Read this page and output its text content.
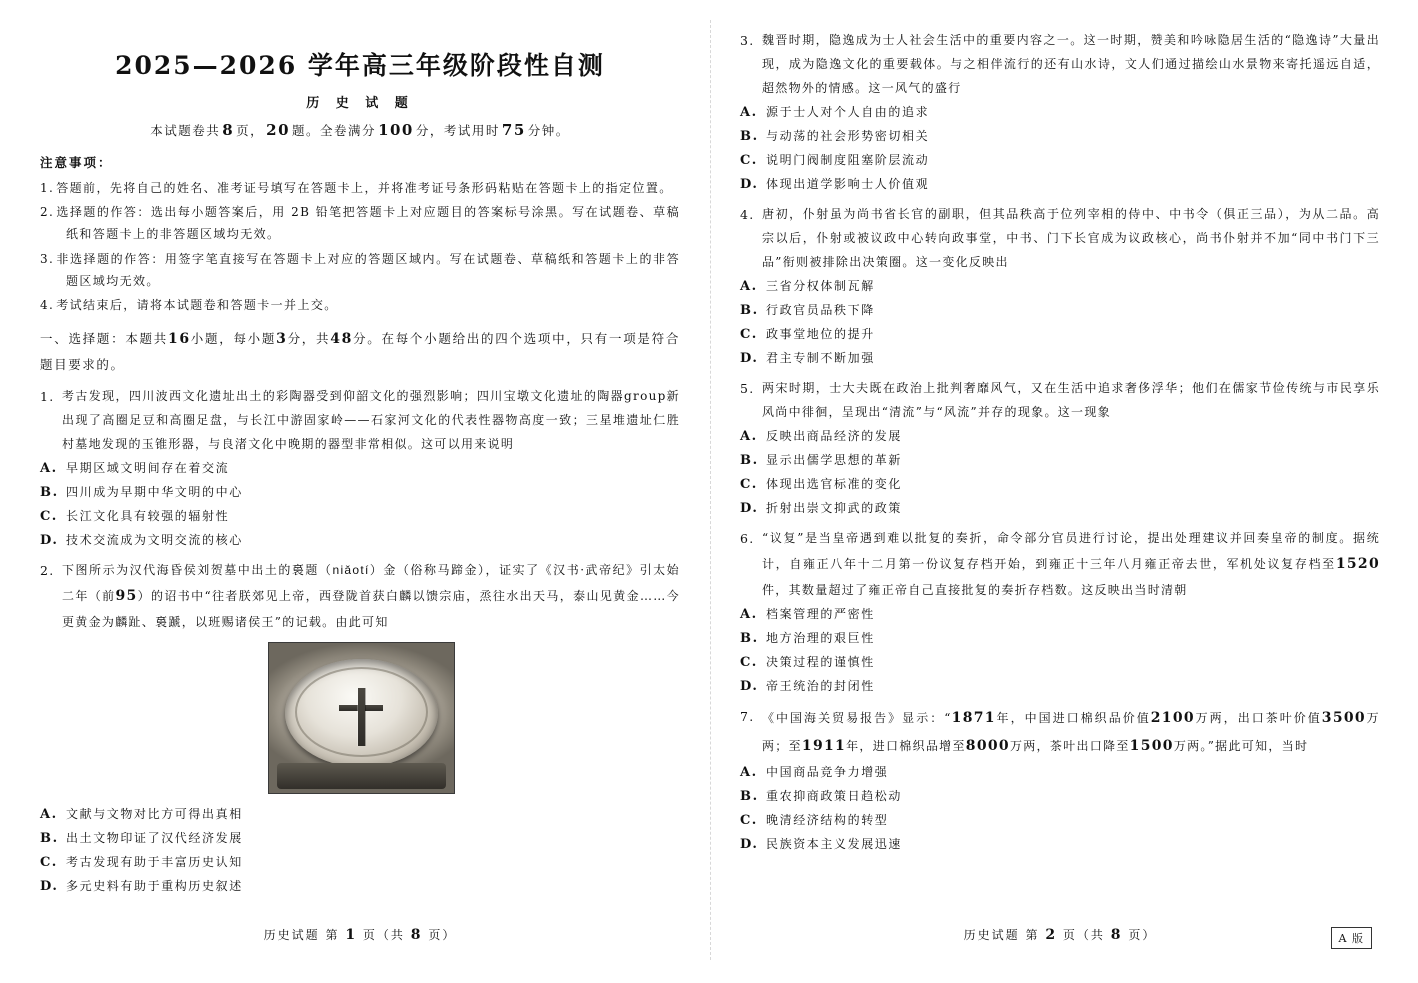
2025—2026 学年高三年级阶段性自测
历 史 试 题
本试题卷共 8 页， 20 题。全卷满分 100 分，考试用时 75 分钟。
注意事项：
1. 答题前，先将自己的姓名、准考证号填写在答题卡上，并将准考证号条形码粘贴在答题卡上的指定位置。
2. 选择题的作答：选出每小题答案后，用 2B 铅笔把答题卡上对应题目的答案标号涂黑。写在试题卷、草稿纸和答题卡上的非答题区域均无效。
3. 非选择题的作答：用签字笔直接写在答题卡上对应的答题区域内。写在试题卷、草稿纸和答题卡上的非答题区域均无效。
4. 考试结束后，请将本试题卷和答题卡一并上交。
一、选择题：本题共16小题，每小题3分，共48分。在每个小题给出的四个选项中，只有一项是符合题目要求的。
1. 考古发现，四川波西文化遗址出土的彩陶器受到仰韶文化的强烈影响；四川宝墩文化遗址的陶器group新出现了高圈足豆和高圈足盘，与长江中游固家岭——石家河文化的代表性器物高度一致；三星堆遗址仁胜村墓地发现的玉锥形器，与良渚文化中晚期的器型非常相似。这可以用来说明
A. 早期区域文明间存在着交流
B. 四川成为早期中华文明的中心
C. 长江文化具有较强的辐射性
D. 技术交流成为文明交流的核心
2. 下图所示为汉代海昏侯刘贺墓中出土的裛题（niǎotí）金（俗称马蹄金），证实了《汉书·武帝纪》引太始二年（前95）的诏书中“往者朕郊见上帝，西登陇首获白麟以馈宗庙，烝往水出天马，泰山见黄金……今更黄金为麟趾、裛蹏，以班赐诸侯王”的记载。由此可知
A. 文献与文物对比方可得出真相
B. 出土文物印证了汉代经济发展
C. 考古发现有助于丰富历史认知
D. 多元史料有助于重构历史叙述
历史试题 第 1 页（共 8 页）
3. 魏晋时期，隐逸成为士人社会生活中的重要内容之一。这一时期，赞美和吟咏隐居生活的“隐逸诗”大量出现，成为隐逸文化的重要载体。与之相伴流行的还有山水诗，文人们通过描绘山水景物来寄托遥远自适，超然物外的情感。这一风气的盛行
A. 源于士人对个人自由的追求
B. 与动荡的社会形势密切相关
C. 说明门阀制度阻塞阶层流动
D. 体现出道学影响士人价值观
4. 唐初，仆射虽为尚书省长官的副职，但其品秩高于位列宰相的侍中、中书令（俱正三品），为从二品。高宗以后，仆射或被议政中心转向政事堂，中书、门下长官成为议政核心，尚书仆射并不加“同中书门下三品”衔则被排除出决策圈。这一变化反映出
A. 三省分权体制瓦解
B. 行政官员品秩下降
C. 政事堂地位的提升
D. 君主专制不断加强
5. 两宋时期，士大夫既在政治上批判奢靡风气，又在生活中追求奢侈浮华；他们在儒家节俭传统与市民享乐风尚中徘徊，呈现出“清流”与“风流”并存的现象。这一现象
A. 反映出商品经济的发展
B. 显示出儒学思想的革新
C. 体现出选官标准的变化
D. 折射出崇文抑武的政策
6. “议复”是当皇帝遇到难以批复的奏折，命令部分官员进行讨论，提出处理建议并回奏皇帝的制度。据统计，自雍正八年十二月第一份议复存档开始，到雍正十三年八月雍正帝去世，军机处议复存档至1520件，其数量超过了雍正帝自己直接批复的奏折存档数。这反映出当时清朝
A. 档案管理的严密性
B. 地方治理的艰巨性
C. 决策过程的谨慎性
D. 帝王统治的封闭性
7. 《中国海关贸易报告》显示：“1871年，中国进口棉织品价值2100万两，出口茶叶价值3500万两；至1911年，进口棉织品增至8000万两，茶叶出口降至1500万两。”据此可知，当时
A. 中国商品竞争力增强
B. 重农抑商政策日趋松动
C. 晚清经济结构的转型
D. 民族资本主义发展迅速
历史试题 第 2 页（共 8 页）	A 版
